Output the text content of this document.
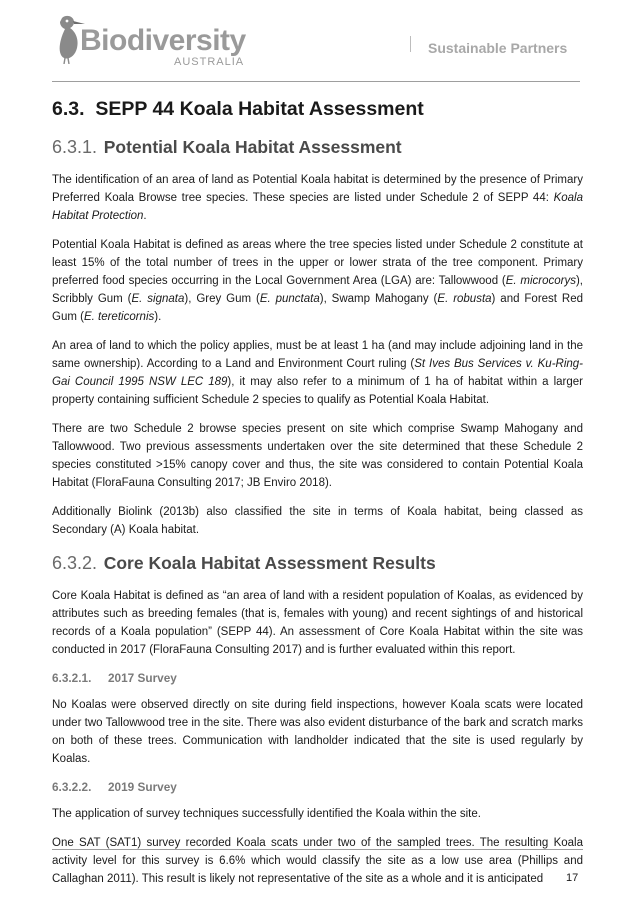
Biodiversity
AUSTRALIA
Sustainable Partners
6.3. SEPP 44 Koala Habitat Assessment
6.3.1. Potential Koala Habitat Assessment

The identification of an area of land as Potential Koala habitat is determined by the presence of Primary Preferred Koala Browse tree species. These species are listed under Schedule 2 of SEPP 44: Koala Habitat Protection.

Potential Koala Habitat is defined as areas where the tree species listed under Schedule 2 constitute at least 15% of the total number of trees in the upper or lower strata of the tree component. Primary preferred food species occurring in the Local Government Area (LGA) are: Tallowwood (E. microcorys), Scribbly Gum (E. signata), Grey Gum (E. punctata), Swamp Mahogany (E. robusta) and Forest Red Gum (E. tereticornis).

An area of land to which the policy applies, must be at least 1 ha (and may include adjoining land in the same ownership). According to a Land and Environment Court ruling (St Ives Bus Services v. Ku-Ring-Gai Council 1995 NSW LEC 189), it may also refer to a minimum of 1 ha of habitat within a larger property containing sufficient Schedule 2 species to qualify as Potential Koala Habitat.

There are two Schedule 2 browse species present on site which comprise Swamp Mahogany and Tallowwood. Two previous assessments undertaken over the site determined that these Schedule 2 species constituted >15% canopy cover and thus, the site was considered to contain Potential Koala Habitat (FloraFauna Consulting 2017; JB Enviro 2018).

Additionally Biolink (2013b) also classified the site in terms of Koala habitat, being classed as Secondary (A) Koala habitat.

6.3.2. Core Koala Habitat Assessment Results

Core Koala Habitat is defined as “an area of land with a resident population of Koalas, as evidenced by attributes such as breeding females (that is, females with young) and recent sightings of and historical records of a Koala population” (SEPP 44). An assessment of Core Koala Habitat within the site was conducted in 2017 (FloraFauna Consulting 2017) and is further evaluated within this report.

6.3.2.1. 2017 Survey

No Koalas were observed directly on site during field inspections, however Koala scats were located under two Tallowwood tree in the site. There was also evident disturbance of the bark and scratch marks on both of these trees. Communication with landholder indicated that the site is used regularly by Koalas.

6.3.2.2. 2019 Survey

The application of survey techniques successfully identified the Koala within the site.

One SAT (SAT1) survey recorded Koala scats under two of the sampled trees. The resulting Koala activity level for this survey is 6.6% which would classify the site as a low use area (Phillips and Callaghan 2011). This result is likely not representative of the site as a whole and it is anticipated	17
